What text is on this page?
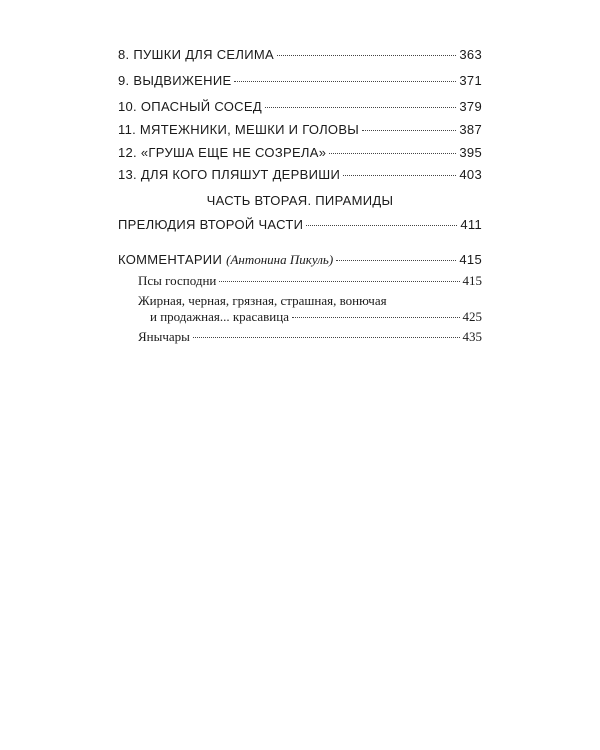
8. ПУШКИ ДЛЯ СЕЛИМА	363
9. ВЫДВИЖЕНИЕ	371
10. ОПАСНЫЙ СОСЕД	379
11. МЯТЕЖНИКИ, МЕШКИ И ГОЛОВЫ	387
12. «ГРУША ЕЩЕ НЕ СОЗРЕЛА»	395
13. ДЛЯ КОГО ПЛЯШУТ ДЕРВИШИ	403
ЧАСТЬ ВТОРАЯ. ПИРАМИДЫ
ПРЕЛЮДИЯ ВТОРОЙ ЧАСТИ	411
КОММЕНТАРИИ (Антонина Пикуль)	415
Псы господни	415
Жирная, черная, грязная, страшная, вонючая
и продажная... красавица	425
Янычары	435
